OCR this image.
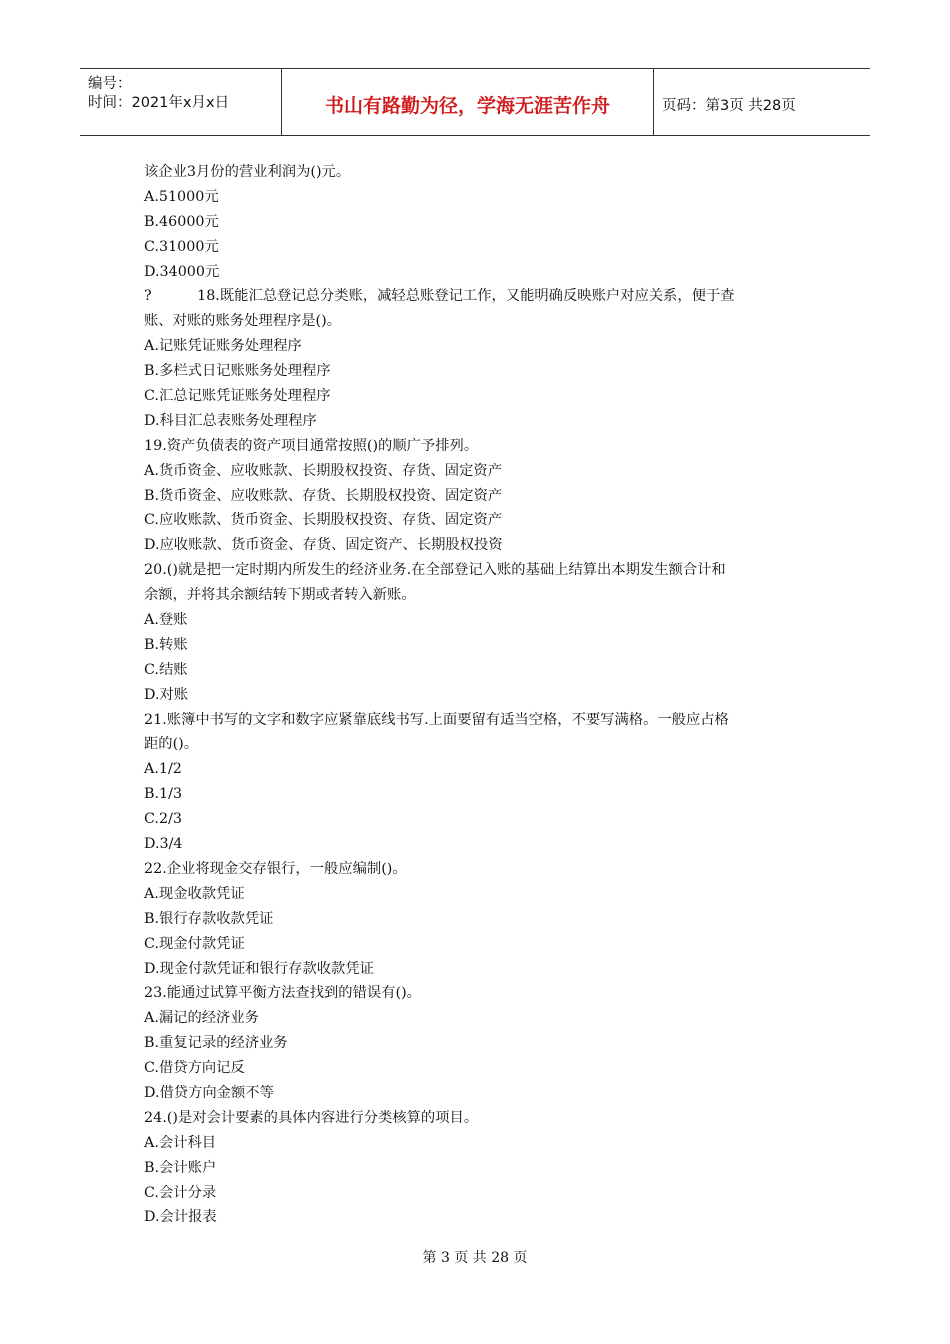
编号：
时间：2021年x月x日	书山有路勤为径，学海无涯苦作舟	页码：第3页 共28页
该企业3月份的营业利润为()元。
A.51000元
B.46000元
C.31000元
D.34000元
?          18.既能汇总登记总分类账，减轻总账登记工作，又能明确反映账户对应关系，便于查
账、对账的账务处理程序是()。
A.记账凭证账务处理程序
B.多栏式日记账账务处理程序
C.汇总记账凭证账务处理程序
D.科目汇总表账务处理程序
19.资产负债表的资产项目通常按照()的顺广予排列。
A.货币资金、应收账款、长期股权投资、存货、固定资产
B.货币资金、应收账款、存货、长期股权投资、固定资产
C.应收账款、货币资金、长期股权投资、存货、固定资产
D.应收账款、货币资金、存货、固定资产、长期股权投资
20.()就是把一定时期内所发生的经济业务.在全部登记入账的基础上结算出本期发生额合计和
余额，并将其余额结转下期或者转入新账。
A.登账
B.转账
C.结账
D.对账
21.账簿中书写的文字和数字应紧靠底线书写.上面要留有适当空格，不要写满格。一般应占格
距的()。
A.1/2
B.1/3
C.2/3
D.3/4
22.企业将现金交存银行，一般应编制()。
A.现金收款凭证
B.银行存款收款凭证
C.现金付款凭证
D.现金付款凭证和银行存款收款凭证
23.能通过试算平衡方法查找到的错误有()。
A.漏记的经济业务
B.重复记录的经济业务
C.借贷方向记反
D.借贷方向金额不等
24.()是对会计要素的具体内容进行分类核算的项目。
A.会计科目
B.会计账户
C.会计分录
D.会计报表
第 3 页 共 28 页
